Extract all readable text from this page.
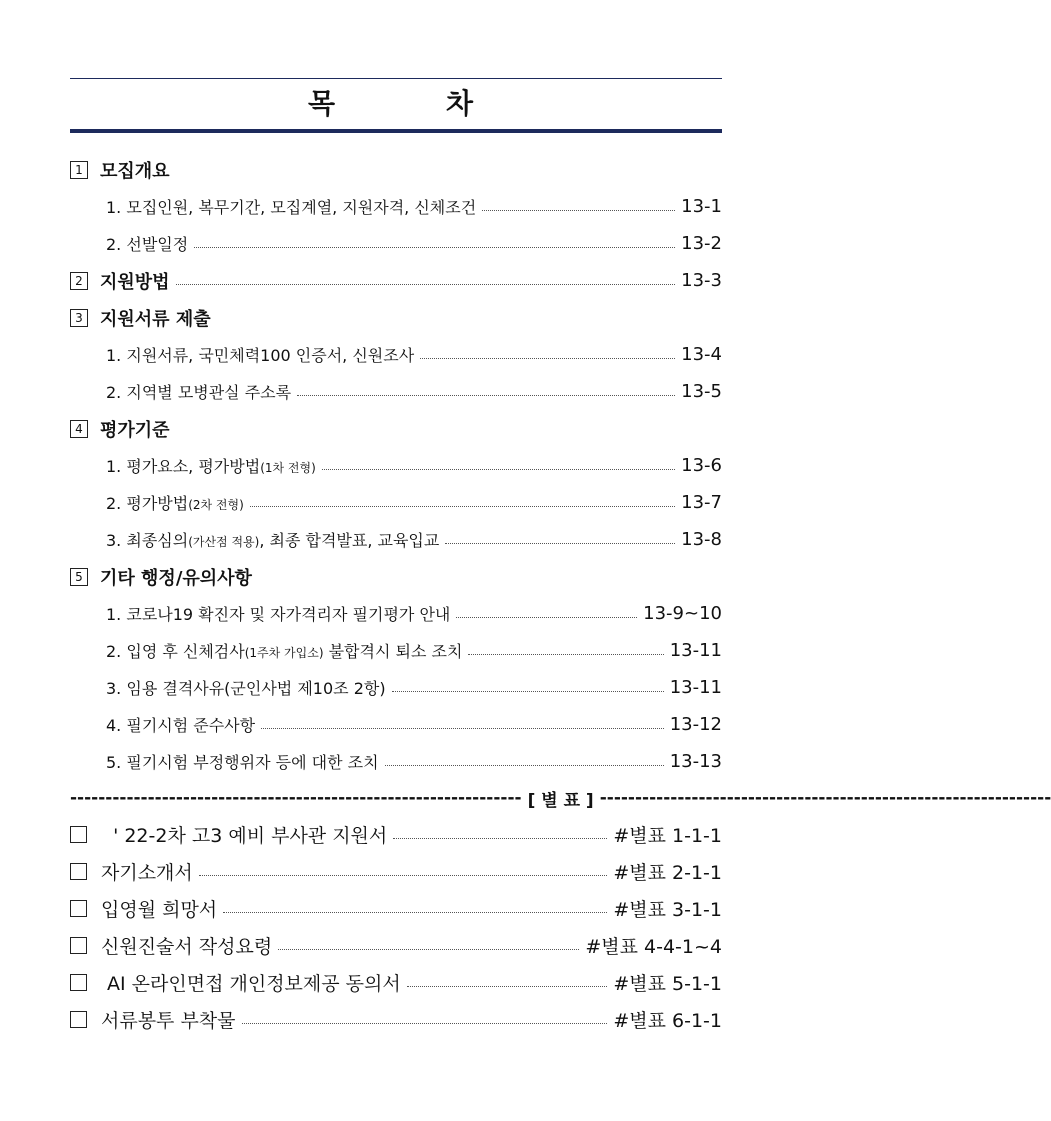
목	차
1 모집개요
1. 모집인원, 복무기간, 모집계열, 지원자격, 신체조건	13-1
2. 선발일정	13-2
2 지원방법	13-3
3 지원서류 제출
1. 지원서류, 국민체력100 인증서, 신원조사	13-4
2. 지역별 모병관실 주소록	13-5
4 평가기준
1. 평가요소, 평가방법(1차 전형)	13-6
2. 평가방법(2차 전형)	13-7
3. 최종심의(가산점 적용), 최종 합격발표, 교육입교	13-8
5 기타 행정/유의사항
1. 코로나19 확진자 및 자가격리자 필기평가 안내	13-9~10
2. 입영 후 신체검사(1주차 가입소) 불합격시 퇴소 조치	13-11
3. 임용 결격사유(군인사법 제10조 2항)	13-11
4. 필기시험 준수사항	13-12
5. 필기시험 부정행위자 등에 대한 조치	13-13
---------------------------------------------------------------- [ 별 표 ] ----------------------------------------------------------------
' 22-2차 고3 예비 부사관 지원서	#별표 1-1-1
자기소개서	#별표 2-1-1
입영월 희망서	#별표 3-1-1
신원진술서 작성요령	#별표 4-4-1~4
AI 온라인면접 개인정보제공 동의서	#별표 5-1-1
서류봉투 부착물	#별표 6-1-1
